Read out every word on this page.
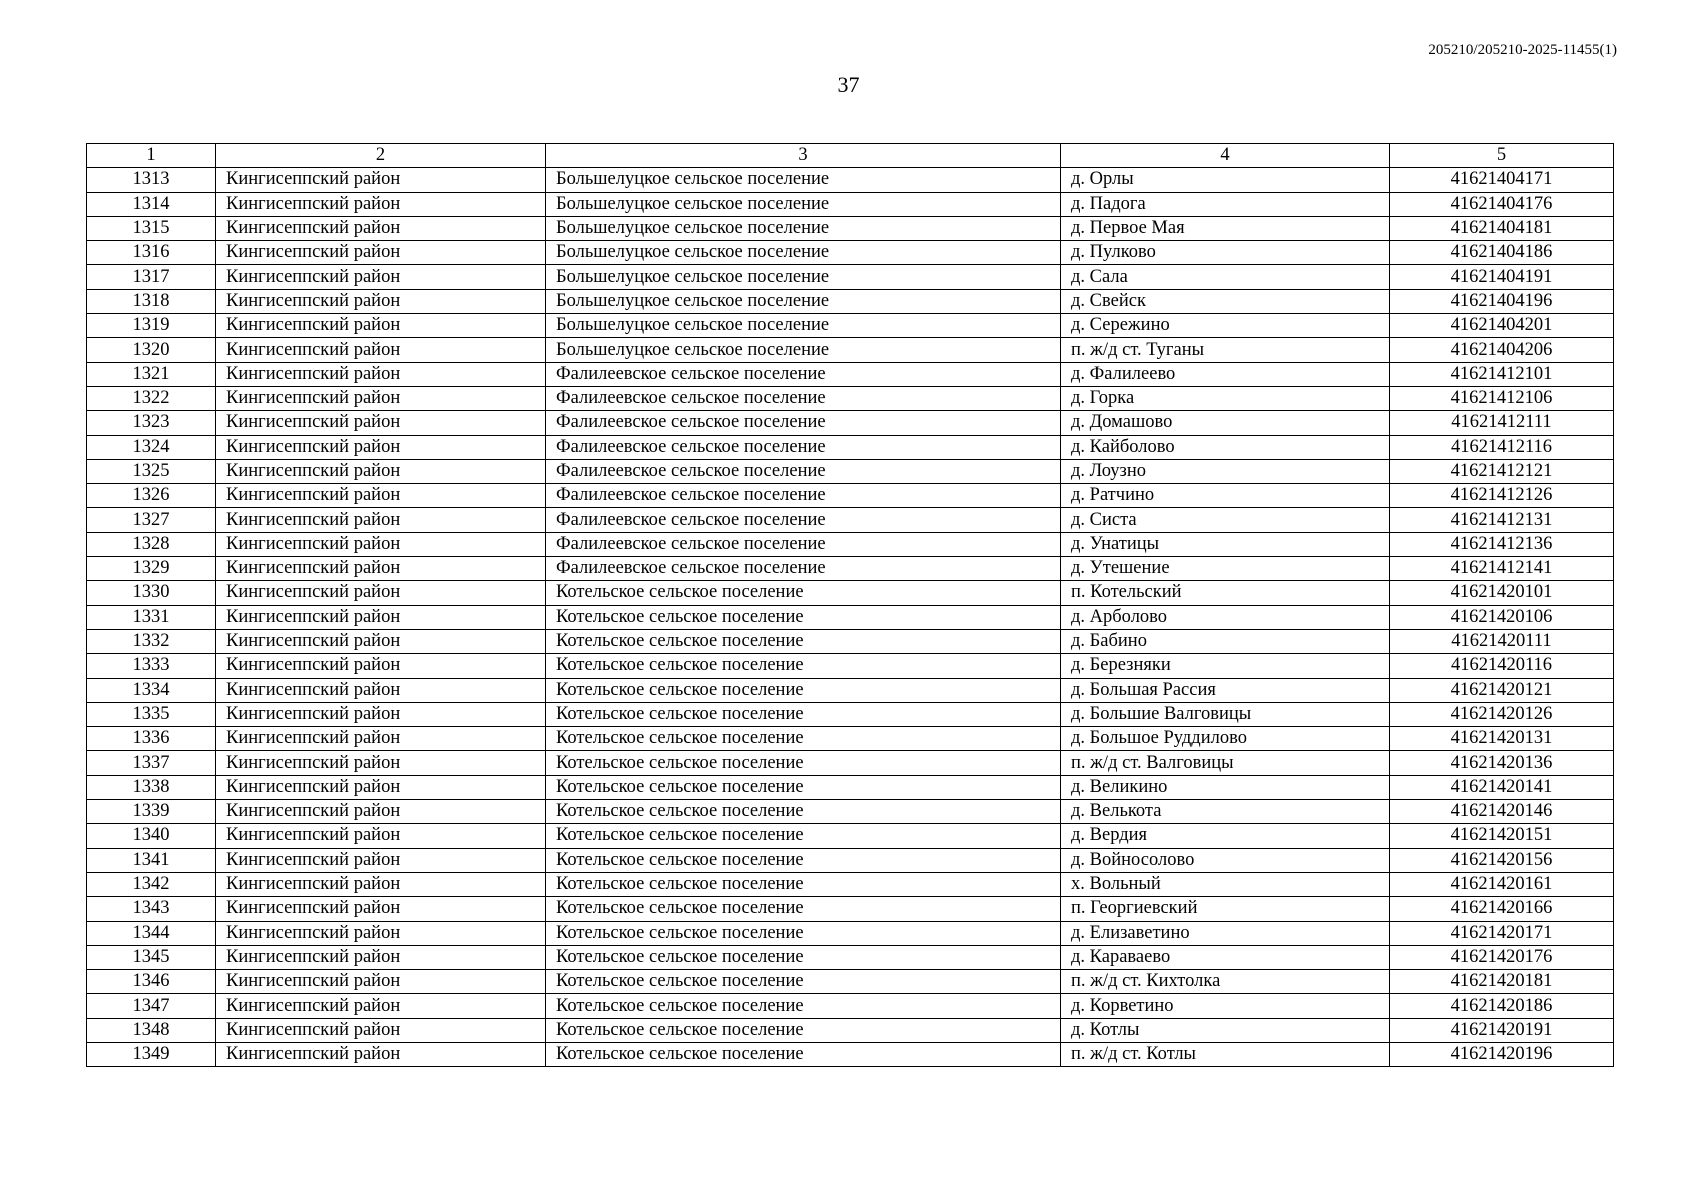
205210/205210-2025-11455(1)
37
1	2	3	4	5
1313	Кингисеппский район	Большелуцкое сельское поселение	д. Орлы	41621404171
1314	Кингисеппский район	Большелуцкое сельское поселение	д. Падога	41621404176
1315	Кингисеппский район	Большелуцкое сельское поселение	д. Первое Мая	41621404181
1316	Кингисеппский район	Большелуцкое сельское поселение	д. Пулково	41621404186
1317	Кингисеппский район	Большелуцкое сельское поселение	д. Сала	41621404191
1318	Кингисеппский район	Большелуцкое сельское поселение	д. Свейск	41621404196
1319	Кингисеппский район	Большелуцкое сельское поселение	д. Сережино	41621404201
1320	Кингисеппский район	Большелуцкое сельское поселение	п. ж/д ст. Туганы	41621404206
1321	Кингисеппский район	Фалилеевское сельское поселение	д. Фалилеево	41621412101
1322	Кингисеппский район	Фалилеевское сельское поселение	д. Горка	41621412106
1323	Кингисеппский район	Фалилеевское сельское поселение	д. Домашово	41621412111
1324	Кингисеппский район	Фалилеевское сельское поселение	д. Кайболово	41621412116
1325	Кингисеппский район	Фалилеевское сельское поселение	д. Лоузно	41621412121
1326	Кингисеппский район	Фалилеевское сельское поселение	д. Ратчино	41621412126
1327	Кингисеппский район	Фалилеевское сельское поселение	д. Систа	41621412131
1328	Кингисеппский район	Фалилеевское сельское поселение	д. Унатицы	41621412136
1329	Кингисеппский район	Фалилеевское сельское поселение	д. Утешение	41621412141
1330	Кингисеппский район	Котельское сельское поселение	п. Котельский	41621420101
1331	Кингисеппский район	Котельское сельское поселение	д. Арболово	41621420106
1332	Кингисеппский район	Котельское сельское поселение	д. Бабино	41621420111
1333	Кингисеппский район	Котельское сельское поселение	д. Березняки	41621420116
1334	Кингисеппский район	Котельское сельское поселение	д. Большая Рассия	41621420121
1335	Кингисеппский район	Котельское сельское поселение	д. Большие Валговицы	41621420126
1336	Кингисеппский район	Котельское сельское поселение	д. Большое Руддилово	41621420131
1337	Кингисеппский район	Котельское сельское поселение	п. ж/д ст. Валговицы	41621420136
1338	Кингисеппский район	Котельское сельское поселение	д. Великино	41621420141
1339	Кингисеппский район	Котельское сельское поселение	д. Велькота	41621420146
1340	Кингисеппский район	Котельское сельское поселение	д. Вердия	41621420151
1341	Кингисеппский район	Котельское сельское поселение	д. Войносолово	41621420156
1342	Кингисеппский район	Котельское сельское поселение	х. Вольный	41621420161
1343	Кингисеппский район	Котельское сельское поселение	п. Георгиевский	41621420166
1344	Кингисеппский район	Котельское сельское поселение	д. Елизаветино	41621420171
1345	Кингисеппский район	Котельское сельское поселение	д. Караваево	41621420176
1346	Кингисеппский район	Котельское сельское поселение	п. ж/д ст. Кихтолка	41621420181
1347	Кингисеппский район	Котельское сельское поселение	д. Корветино	41621420186
1348	Кингисеппский район	Котельское сельское поселение	д. Котлы	41621420191
1349	Кингисеппский район	Котельское сельское поселение	п. ж/д ст. Котлы	41621420196
